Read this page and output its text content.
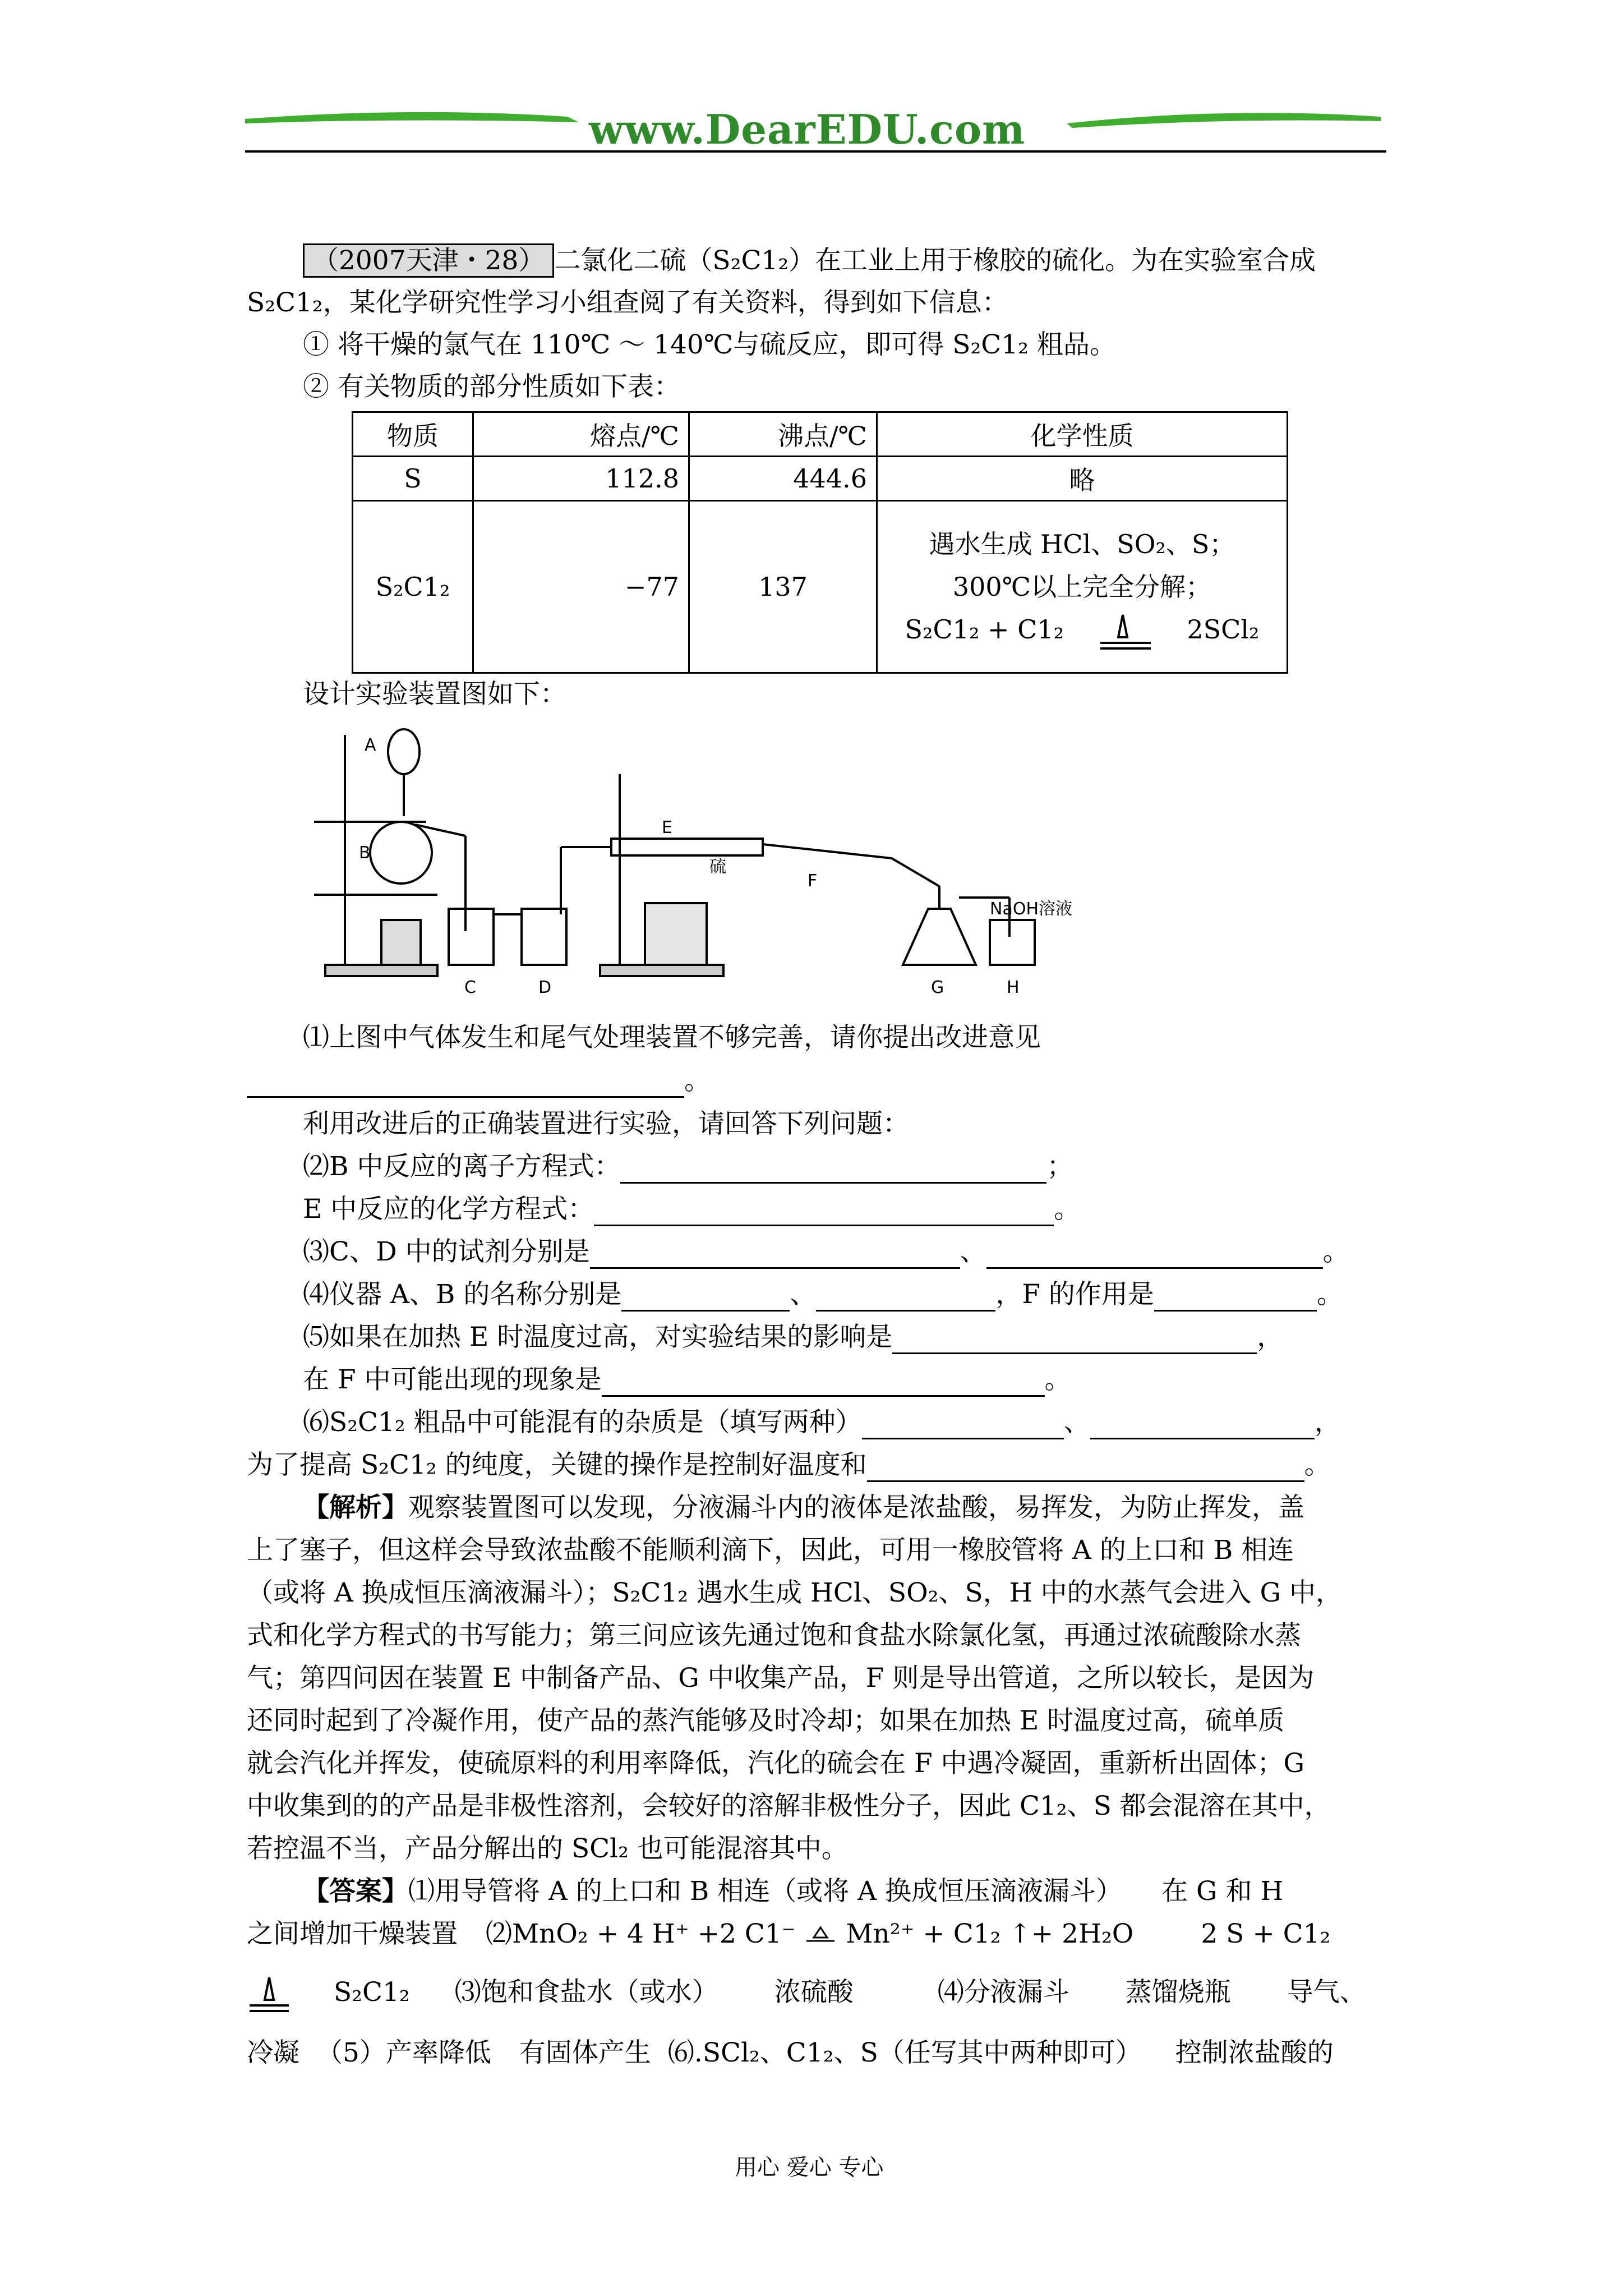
www.DearEDU.com
（2007天津・28） 二氯化二硫（S₂C1₂）在工业上用于橡胶的硫化。为在实验室合成
S₂C1₂，某化学研究性学习小组查阅了有关资料，得到如下信息：
① 将干燥的氯气在 110℃ ～ 140℃与硫反应，即可得 S₂C1₂ 粗品。
② 有关物质的部分性质如下表：
物质	熔点/℃	沸点/℃	化学性质
S	112.8	444.6	略
S₂C1₂	−77	137	遇水生成 HCl、SO₂、S；
300℃以上完全分解；
S₂C1₂ + C1₂ 2SCl₂
设计实验装置图如下：
A
B
C	D
E
硫
F
G	H
NaOH溶液
⑴上图中气体发生和尾气处理装置不够完善，请你提出改进意见
。
利用改进后的正确装置进行实验，请回答下列问题：
⑵B 中反应的离子方程式：	；
E 中反应的化学方程式：	。
⑶C、D 中的试剂分别是	、	。
⑷仪器 A、B 的名称分别是	、	，F 的作用是	。
⑸如果在加热 E 时温度过高，对实验结果的影响是	，
在 F 中可能出现的现象是	。
⑹S₂C1₂ 粗品中可能混有的杂质是（填写两种）	、	，
为了提高 S₂C1₂ 的纯度，关键的操作是控制好温度和	。
【解析】观察装置图可以发现，分液漏斗内的液体是浓盐酸，易挥发，为防止挥发，盖
上了塞子，但这样会导致浓盐酸不能顺利滴下，因此，可用一橡胶管将 A 的上口和 B 相连
（或将 A 换成恒压滴液漏斗）；S₂C1₂ 遇水生成 HCl、SO₂、S，H 中的水蒸气会进入 G 中，
式和化学方程式的书写能力；第三问应该先通过饱和食盐水除氯化氢，再通过浓硫酸除水蒸
气；第四问因在装置 E 中制备产品、G 中收集产品，F 则是导出管道，之所以较长，是因为
还同时起到了冷凝作用，使产品的蒸汽能够及时冷却；如果在加热 E 时温度过高，硫单质
就会汽化并挥发，使硫原料的利用率降低，汽化的硫会在 F 中遇冷凝固，重新析出固体；G
中收集到的的产品是非极性溶剂，会较好的溶解非极性分子，因此 C1₂、S 都会混溶在其中，
若控温不当，产品分解出的 SCl₂ 也可能混溶其中。
【答案】⑴用导管将 A 的上口和 B 相连（或将 A 换成恒压滴液漏斗） 在 G 和 H
之间增加干燥装置 ⑵MnO₂ + 4 H⁺ +2 C1⁻ Mn²⁺ + C1₂ ↑+ 2H₂O	2 S + C1₂
S₂C1₂ ⑶饱和食盐水（或水） 浓硫酸	⑷分液漏斗 蒸馏烧瓶 导气、
冷凝 （5）产率降低 有固体产生 ⑹.SCl₂、C1₂、S（任写其中两种即可） 控制浓盐酸的
用心 爱心 专心
